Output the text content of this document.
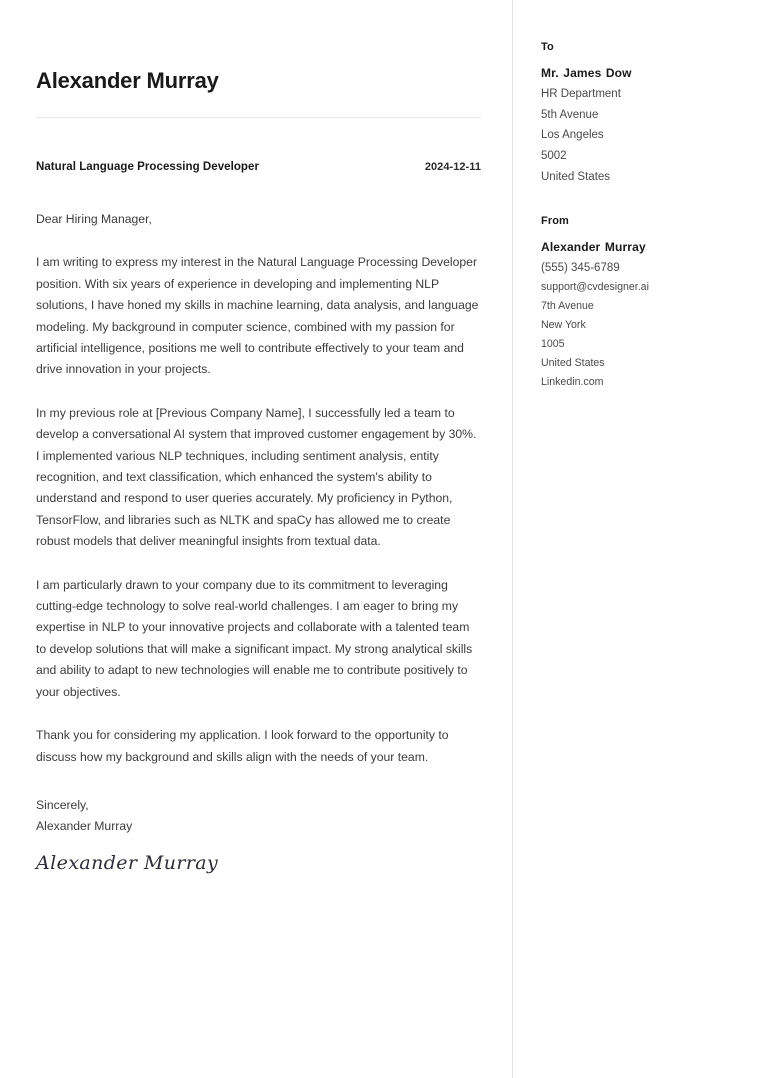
Alexander Murray
Natural Language Processing Developer	2024-12-11
Dear Hiring Manager,

I am writing to express my interest in the Natural Language Processing Developer position. With six years of experience in developing and implementing NLP solutions, I have honed my skills in machine learning, data analysis, and language modeling. My background in computer science, combined with my passion for artificial intelligence, positions me well to contribute effectively to your team and drive innovation in your projects.

In my previous role at [Previous Company Name], I successfully led a team to develop a conversational AI system that improved customer engagement by 30%. I implemented various NLP techniques, including sentiment analysis, entity recognition, and text classification, which enhanced the system's ability to understand and respond to user queries accurately. My proficiency in Python, TensorFlow, and libraries such as NLTK and spaCy has allowed me to create robust models that deliver meaningful insights from textual data.

I am particularly drawn to your company due to its commitment to leveraging cutting-edge technology to solve real-world challenges. I am eager to bring my expertise in NLP to your innovative projects and collaborate with a talented team to develop solutions that will make a significant impact. My strong analytical skills and ability to adapt to new technologies will enable me to contribute positively to your objectives.

Thank you for considering my application. I look forward to the opportunity to discuss how my background and skills align with the needs of your team.

Sincerely,
Alexander Murray
Alexander Murray
To
Mr. James Dow
HR Department
5th Avenue
Los Angeles
5002
United States
From
Alexander Murray
(555) 345-6789
support@cvdesigner.ai
7th Avenue
New York
1005
United States
Linkedin.com
